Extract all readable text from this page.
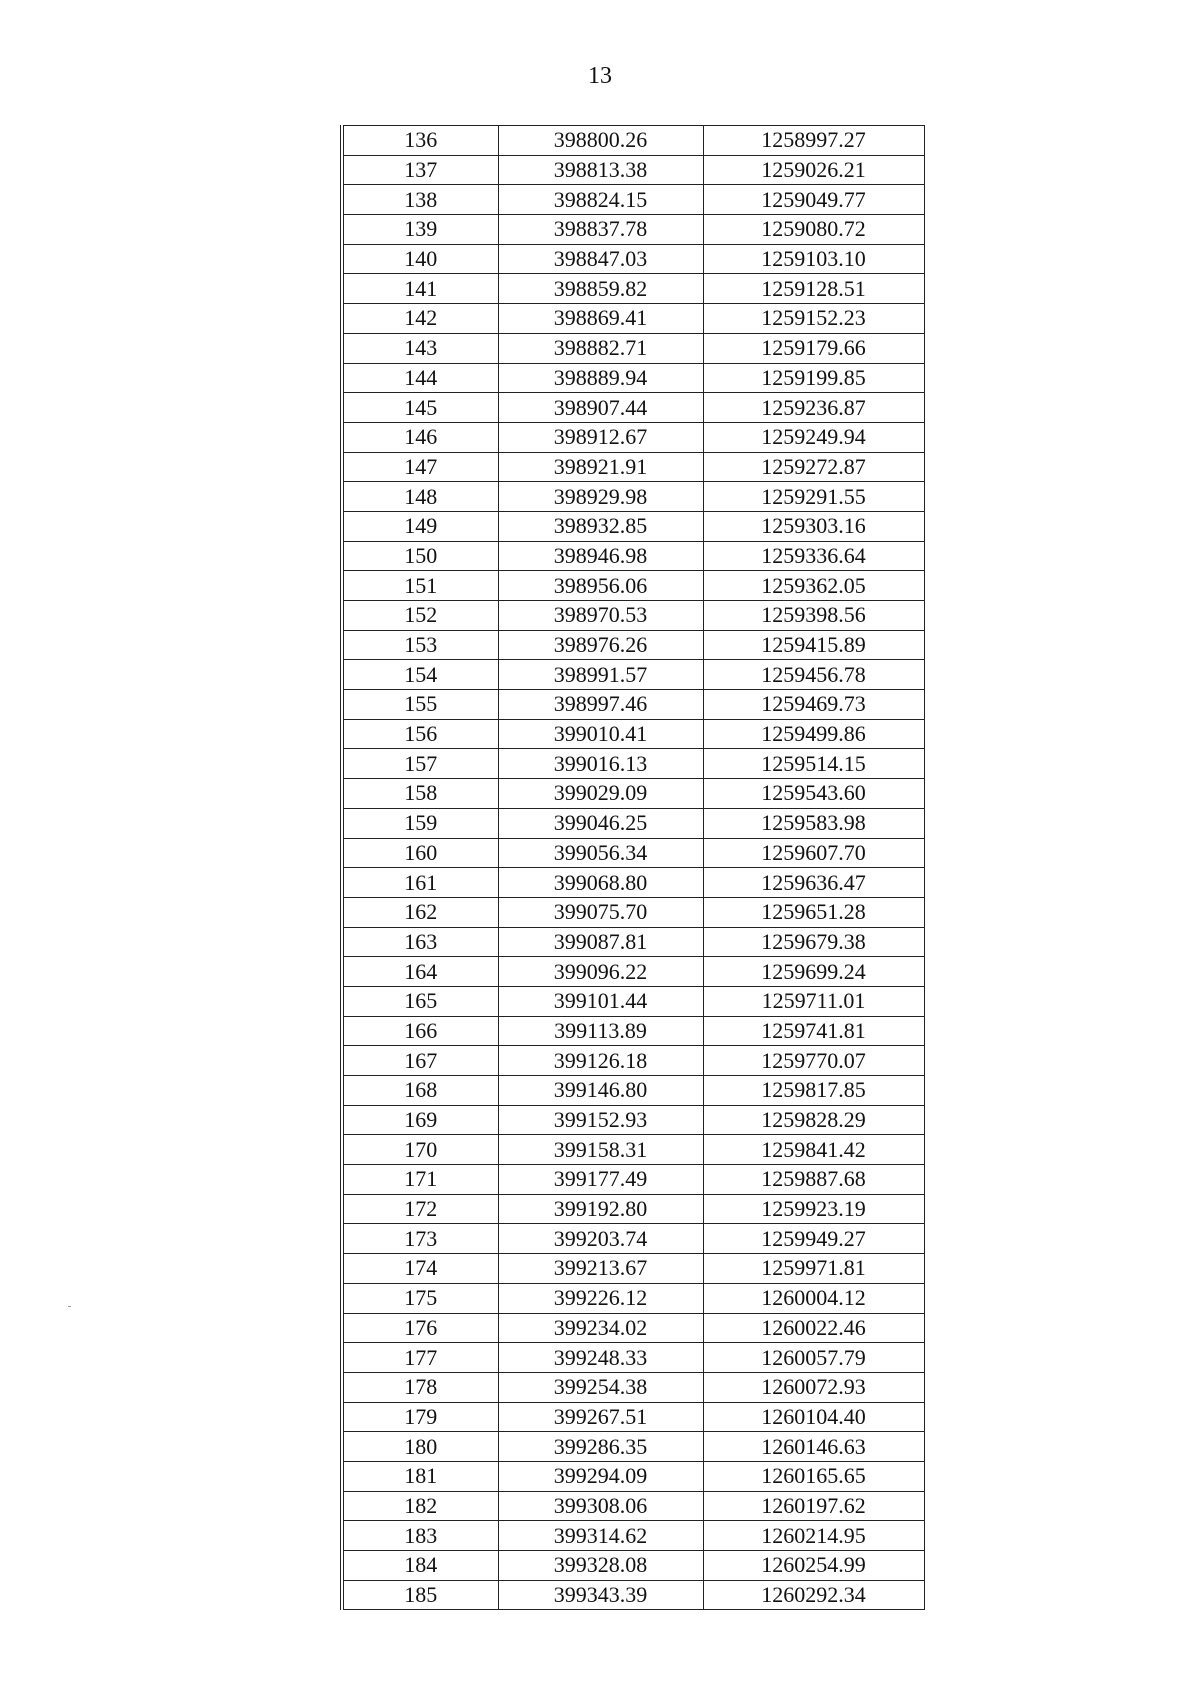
13
136	398800.26	1258997.27
137	398813.38	1259026.21
138	398824.15	1259049.77
139	398837.78	1259080.72
140	398847.03	1259103.10
141	398859.82	1259128.51
142	398869.41	1259152.23
143	398882.71	1259179.66
144	398889.94	1259199.85
145	398907.44	1259236.87
146	398912.67	1259249.94
147	398921.91	1259272.87
148	398929.98	1259291.55
149	398932.85	1259303.16
150	398946.98	1259336.64
151	398956.06	1259362.05
152	398970.53	1259398.56
153	398976.26	1259415.89
154	398991.57	1259456.78
155	398997.46	1259469.73
156	399010.41	1259499.86
157	399016.13	1259514.15
158	399029.09	1259543.60
159	399046.25	1259583.98
160	399056.34	1259607.70
161	399068.80	1259636.47
162	399075.70	1259651.28
163	399087.81	1259679.38
164	399096.22	1259699.24
165	399101.44	1259711.01
166	399113.89	1259741.81
167	399126.18	1259770.07
168	399146.80	1259817.85
169	399152.93	1259828.29
170	399158.31	1259841.42
171	399177.49	1259887.68
172	399192.80	1259923.19
173	399203.74	1259949.27
174	399213.67	1259971.81
175	399226.12	1260004.12
176	399234.02	1260022.46
177	399248.33	1260057.79
178	399254.38	1260072.93
179	399267.51	1260104.40
180	399286.35	1260146.63
181	399294.09	1260165.65
182	399308.06	1260197.62
183	399314.62	1260214.95
184	399328.08	1260254.99
185	399343.39	1260292.34
